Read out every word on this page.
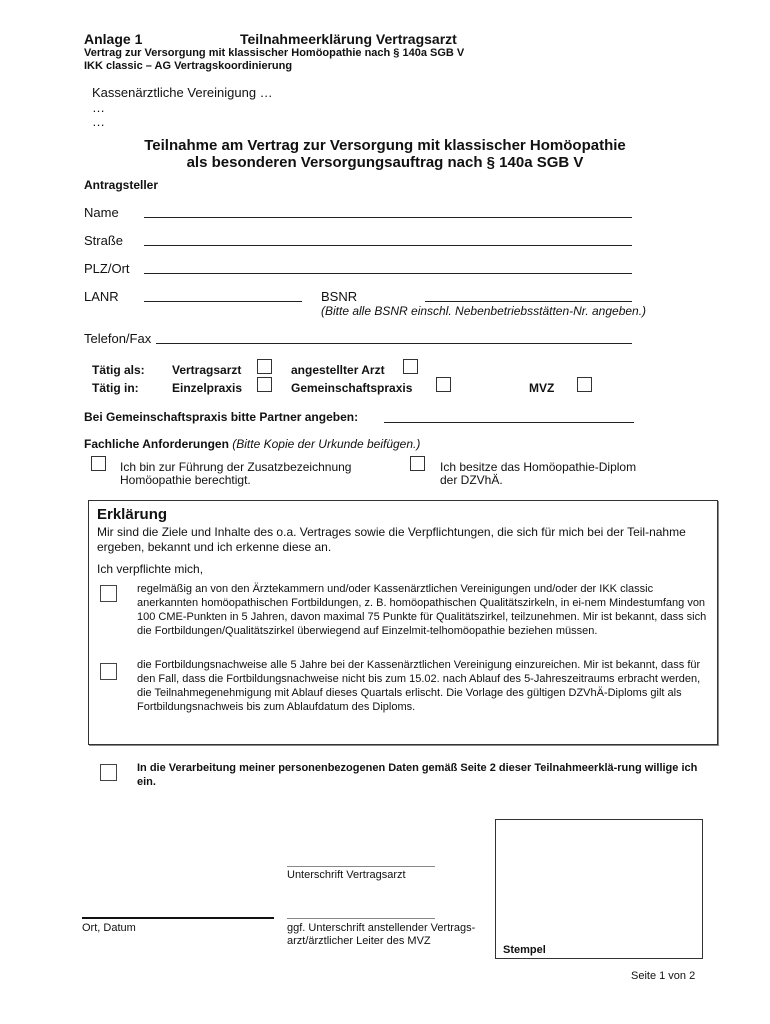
Anlage 1	Teilnahmeerklärung Vertragsarzt
Vertrag zur Versorgung mit klassischer Homöopathie nach § 140a SGB V
IKK classic – AG Vertragskoordinierung
Kassenärztliche Vereinigung …
…
…
Teilnahme am Vertrag zur Versorgung mit klassischer Homöopathie
als besonderen Versorgungsauftrag nach § 140a SGB V
Antragsteller
Name
Straße
PLZ/Ort
LANR	BSNR
(Bitte alle BSNR einschl. Nebenbetriebsstätten-Nr. angeben.)
Telefon/Fax
Tätig als: Vertragsarzt	angestellter Arzt
Tätig in:	Einzelpraxis	Gemeinschaftspraxis	MVZ
Bei Gemeinschaftspraxis bitte Partner angeben:
Fachliche Anforderungen (Bitte Kopie der Urkunde beifügen.)
Ich bin zur Führung der Zusatzbezeichnung
Homöopathie berechtigt.
Ich besitze das Homöopathie-Diplom
der DZVhÄ.
Erklärung
Mir sind die Ziele und Inhalte des o.a. Vertrages sowie die Verpflichtungen, die sich für mich bei der Teil-nahme ergeben, bekannt und ich erkenne diese an.
Ich verpflichte mich,
regelmäßig an von den Ärztekammern und/oder Kassenärztlichen Vereinigungen und/oder der IKK classic anerkannten homöopathischen Fortbildungen, z. B. homöopathischen Qualitätszirkeln, in ei-nem Mindestumfang von 100 CME-Punkten in 5 Jahren, davon maximal 75 Punkte für Qualitätszirkel, teilzunehmen. Mir ist bekannt, dass sich die Fortbildungen/Qualitätszirkel überwiegend auf Einzelmit-telhomöopathie beziehen müssen.
die Fortbildungsnachweise alle 5 Jahre bei der Kassenärztlichen Vereinigung einzureichen. Mir ist bekannt, dass für den Fall, dass die Fortbildungsnachweise nicht bis zum 15.02. nach Ablauf des 5-Jahreszeitraums erbracht werden, die Teilnahmegenehmigung mit Ablauf dieses Quartals erlischt. Die Vorlage des gültigen DZVhÄ-Diploms gilt als Fortbildungsnachweis bis zum Ablaufdatum des Diploms.
In die Verarbeitung meiner personenbezogenen Daten gemäß Seite 2 dieser Teilnahmeerklä-rung willige ich ein.
Unterschrift Vertragsarzt
Ort, Datum	ggf. Unterschrift anstellender Vertrags-
arzt/ärztlicher Leiter des MVZ
Stempel
Seite 1 von 2
